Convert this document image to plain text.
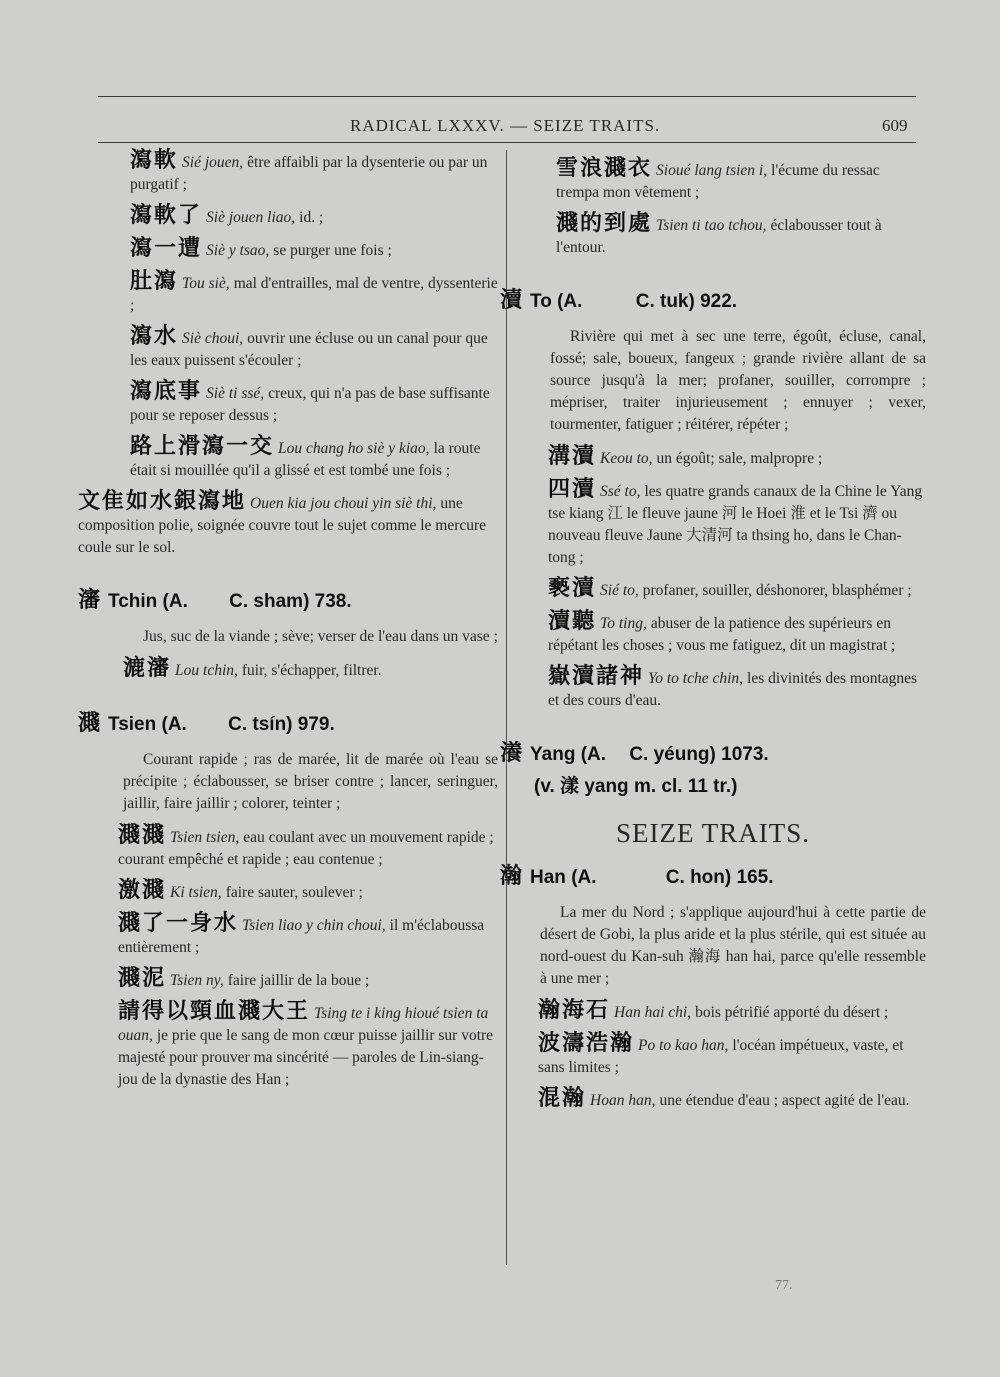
RADICAL LXXXV. — SEIZE TRAITS.	609
瀉軟 Sié jouen, être affaibli par la dysenterie ou par un purgatif ;
瀉軟了 Siè jouen liao, id. ;
瀉一遭 Siè y tsao, se purger une fois ;
肚瀉 Tou siè, mal d'entrailles, mal de ventre, dyssenterie ;
瀉水 Siè choui, ouvrir une écluse ou un canal pour que les eaux puissent s'écouler ;
瀉底事 Siè ti ssé, creux, qui n'a pas de base suffisante pour se reposer dessus ;
路上滑瀉一交 Lou chang ho siè y kiao, la route était si mouillée qu'il a glissé et est tombé une fois ;
文隹如水銀瀉地 Ouen kia jou choui yin siè thi, une composition polie, soignée couvre tout le sujet comme le mercure coule sur le sol.
瀋 Tchin (A. C. sham) 738.
Jus, suc de la viande ; sève; verser de l'eau dans un vase ;
漉瀋 Lou tchin, fuir, s'échapper, filtrer.
濺 Tsien (A. C. tsín) 979.
Courant rapide ; ras de marée, lit de marée où l'eau se précipite ; éclabousser, se briser contre ; lancer, seringuer, jaillir, faire jaillir ; colorer, teinter ;
濺濺 Tsien tsien, eau coulant avec un mouvement rapide ; courant empêché et rapide ; eau contenue ;
激濺 Ki tsien, faire sauter, soulever ;
濺了一身水 Tsien liao y chin choui, il m'éclaboussa entièrement ;
濺泥 Tsien ny, faire jaillir de la boue ;
請得以頸血濺大王 Tsing te i king hioué tsien ta ouan, je prie que le sang de mon cœur puisse jaillir sur votre majesté pour prouver ma sincérité — paroles de Lin-siang-jou de la dynastie des Han ;
雪浪濺衣 Sioué lang tsien i, l'écume du ressac trempa mon vêtement ;
濺的到處 Tsien ti tao tchou, éclabousser tout à l'entour.
瀆 To (A.	C. tuk) 922.
Rivière qui met à sec une terre, égoût, écluse, canal, fossé; sale, boueux, fangeux ; grande rivière allant de sa source jusqu'à la mer; profaner, souiller, corrompre ; mépriser, traiter injurieusement ; ennuyer ; vexer, tourmenter, fatiguer ; réitérer, répéter ;
溝瀆 Keou to, un égoût; sale, malpropre ;
四瀆 Ssé to, les quatre grands canaux de la Chine le Yang tse kiang 江 le fleuve jaune 河 le Hoei 淮 et le Tsi 濟 ou nouveau fleuve Jaune 大清河 ta thsing ho, dans le Chan-tong ;
褻瀆 Sié to, profaner, souiller, déshonorer, blasphémer ;
瀆聽 To ting, abuser de la patience des supérieurs en répétant les choses ; vous me fatiguez, dit un magistrat ;
嶽瀆諸神 Yo to tche chin, les divinités des montagnes et des cours d'eau.
瀁 Yang (A. C. yéung) 1073.
(v. 漾 yang m. cl. 11 tr.)
SEIZE TRAITS.
瀚 Han (A.	C. hon) 165.
La mer du Nord ; s'applique aujourd'hui à cette partie de désert de Gobi, la plus aride et la plus stérile, qui est située au nord-ouest du Kan-suh 瀚海 han hai, parce qu'elle ressemble à une mer ;
瀚海石 Han hai chi, bois pétrifié apporté du désert ;
波濤浩瀚 Po to kao han, l'océan impétueux, vaste, et sans limites ;
混瀚 Hoan han, une étendue d'eau ; aspect agité de l'eau.
77.
